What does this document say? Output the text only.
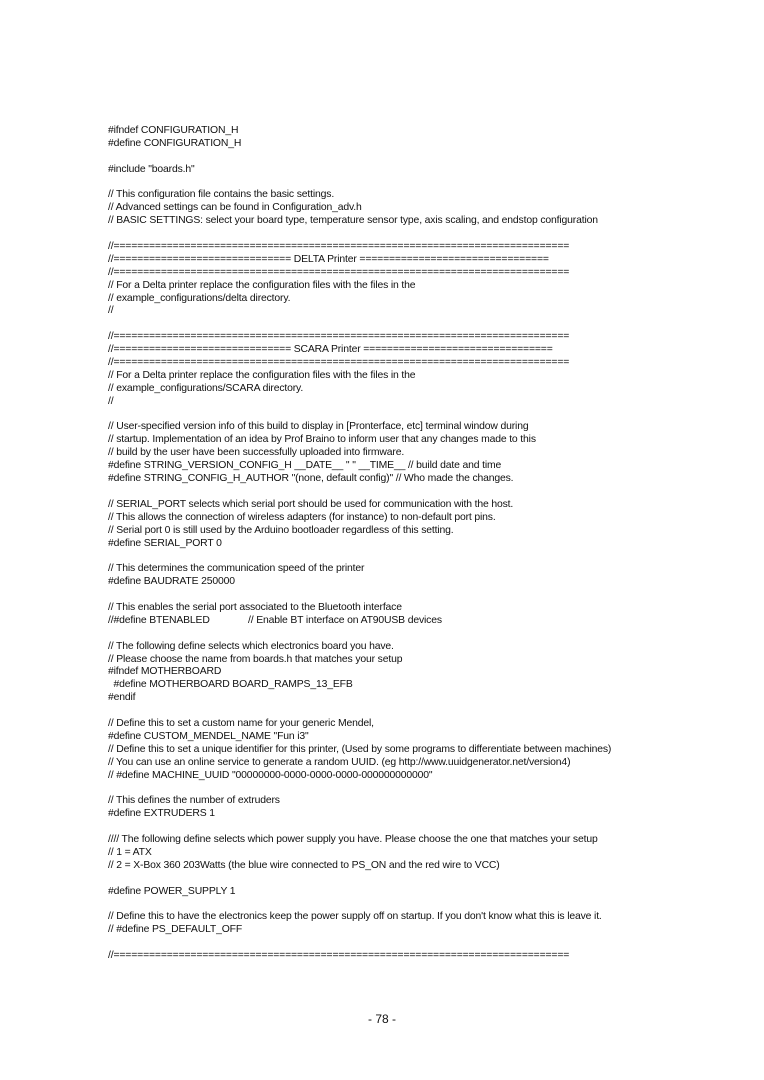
#ifndef CONFIGURATION_H
#define CONFIGURATION_H
#include "boards.h"
// This configuration file contains the basic settings.
// Advanced settings can be found in Configuration_adv.h
// BASIC SETTINGS: select your board type, temperature sensor type, axis scaling, and endstop configuration
//=============================================================================
//============================== DELTA Printer ================================
//=============================================================================
// For a Delta printer replace the configuration files with the files in the
// example_configurations/delta directory.
//
//=============================================================================
//============================== SCARA Printer ================================
//=============================================================================
// For a Delta printer replace the configuration files with the files in the
// example_configurations/SCARA directory.
//
// User-specified version info of this build to display in [Pronterface, etc] terminal window during
// startup. Implementation of an idea by Prof Braino to inform user that any changes made to this
// build by the user have been successfully uploaded into firmware.
#define STRING_VERSION_CONFIG_H __DATE__ " " __TIME__ // build date and time
#define STRING_CONFIG_H_AUTHOR "(none, default config)" // Who made the changes.
// SERIAL_PORT selects which serial port should be used for communication with the host.
// This allows the connection of wireless adapters (for instance) to non-default port pins.
// Serial port 0 is still used by the Arduino bootloader regardless of this setting.
#define SERIAL_PORT 0
// This determines the communication speed of the printer
#define BAUDRATE 250000
// This enables the serial port associated to the Bluetooth interface
//#define BTENABLED              // Enable BT interface on AT90USB devices
// The following define selects which electronics board you have.
// Please choose the name from boards.h that matches your setup
#ifndef MOTHERBOARD
#define MOTHERBOARD BOARD_RAMPS_13_EFB
#endif
// Define this to set a custom name for your generic Mendel,
#define CUSTOM_MENDEL_NAME "Fun i3"
// Define this to set a unique identifier for this printer, (Used by some programs to differentiate between machines)
// You can use an online service to generate a random UUID. (eg http://www.uuidgenerator.net/version4)
// #define MACHINE_UUID "00000000-0000-0000-0000-000000000000"
// This defines the number of extruders
#define EXTRUDERS 1
//// The following define selects which power supply you have. Please choose the one that matches your setup
// 1 = ATX
// 2 = X-Box 360 203Watts (the blue wire connected to PS_ON and the red wire to VCC)
#define POWER_SUPPLY 1
// Define this to have the electronics keep the power supply off on startup. If you don't know what this is leave it.
// #define PS_DEFAULT_OFF
//=============================================================================
- 78 -
